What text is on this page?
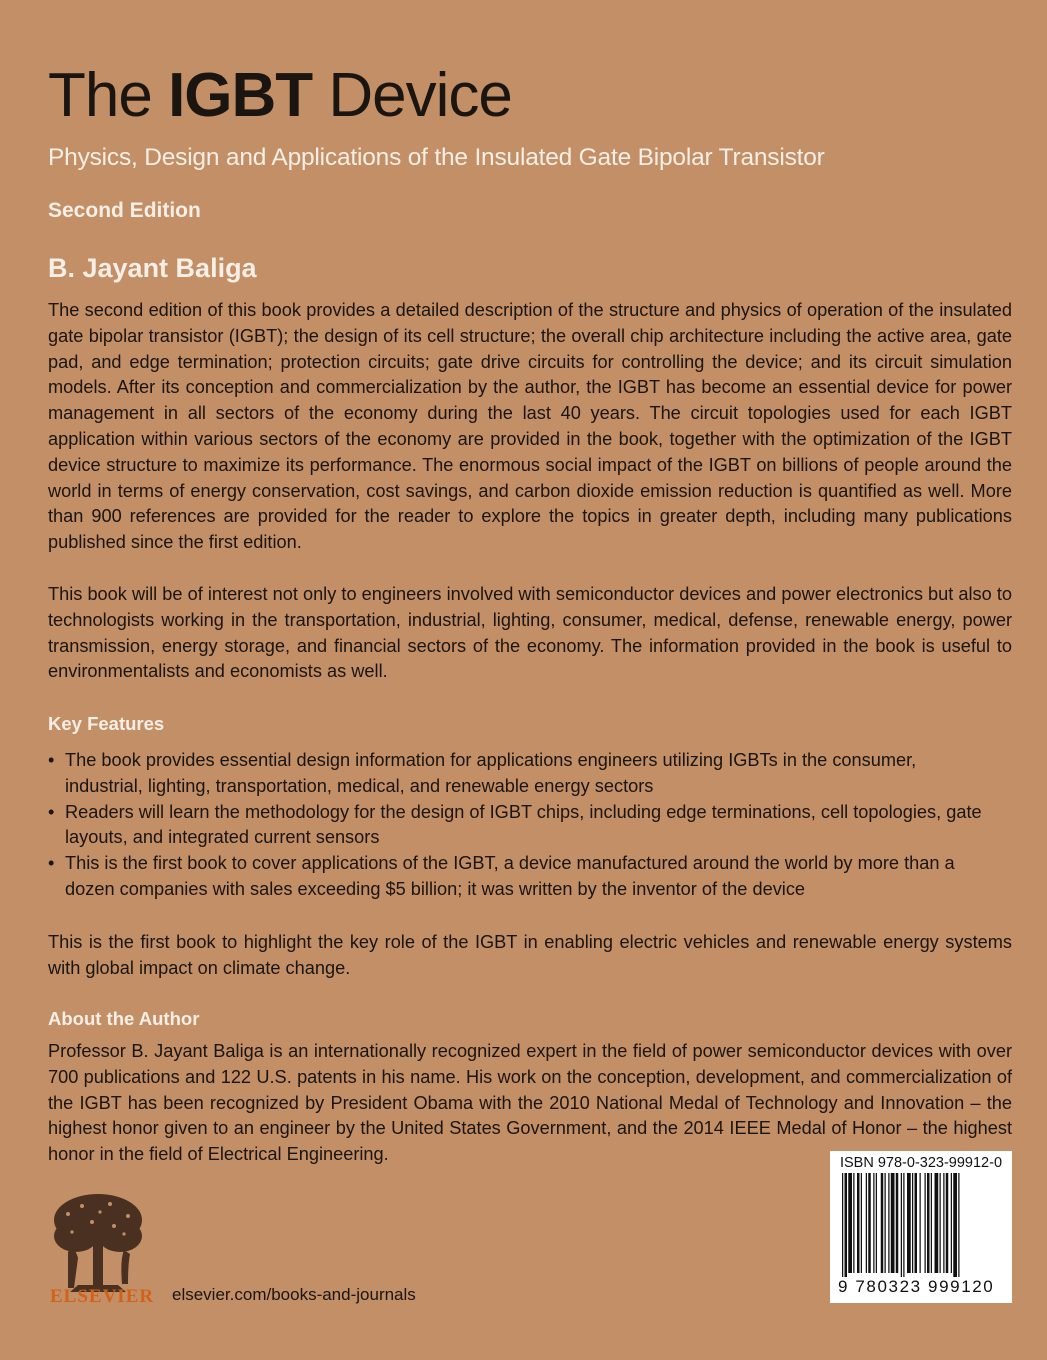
The IGBT Device
Physics, Design and Applications of the Insulated Gate Bipolar Transistor
Second Edition
B. Jayant Baliga

The second edition of this book provides a detailed description of the structure and physics of operation of the insulated gate bipolar transistor (IGBT); the design of its cell structure; the overall chip architecture including the active area, gate pad, and edge termination; protection circuits; gate drive circuits for controlling the device; and its circuit simulation models. After its conception and commercialization by the author, the IGBT has become an essential device for power management in all sectors of the economy during the last 40 years. The circuit topologies used for each IGBT application within various sectors of the economy are provided in the book, together with the optimization of the IGBT device structure to maximize its performance. The enormous social impact of the IGBT on billions of people around the world in terms of energy conservation, cost savings, and carbon dioxide emission reduction is quantified as well. More than 900 references are provided for the reader to explore the topics in greater depth, including many publications published since the first edition.

This book will be of interest not only to engineers involved with semiconductor devices and power electronics but also to technologists working in the transportation, industrial, lighting, consumer, medical, defense, renewable energy, power transmission, energy storage, and financial sectors of the economy. The information provided in the book is useful to environmentalists and economists as well.

Key Features
• The book provides essential design information for applications engineers utilizing IGBTs in the consumer, industrial, lighting, transportation, medical, and renewable energy sectors
• Readers will learn the methodology for the design of IGBT chips, including edge terminations, cell topologies, gate layouts, and integrated current sensors
• This is the first book to cover applications of the IGBT, a device manufactured around the world by more than a dozen companies with sales exceeding $5 billion; it was written by the inventor of the device

This is the first book to highlight the key role of the IGBT in enabling electric vehicles and renewable energy systems with global impact on climate change.

About the Author

Professor B. Jayant Baliga is an internationally recognized expert in the field of power semiconductor devices with over 700 publications and 122 U.S. patents in his name. His work on the conception, development, and commercialization of the IGBT has been recognized by President Obama with the 2010 National Medal of Technology and Innovation – the highest honor given to an engineer by the United States Government, and the 2014 IEEE Medal of Honor – the highest honor in the field of Electrical Engineering.

ELSEVIER elsevier.com/books-and-journals
ISBN 978-0-323-99912-0
9 780323 999120
